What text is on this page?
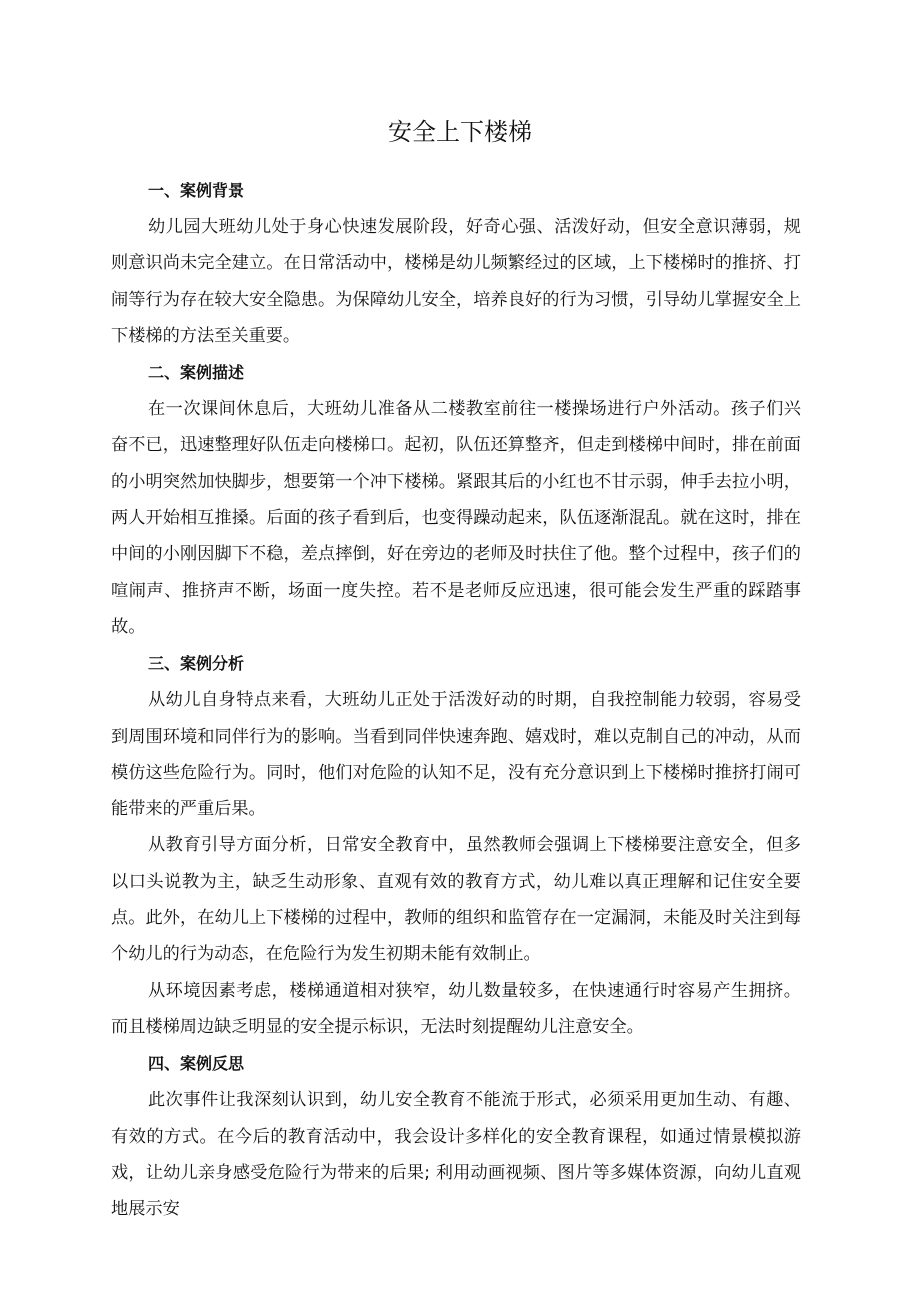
安全上下楼梯
一、案例背景

幼儿园大班幼儿处于身心快速发展阶段，好奇心强、活泼好动，但安全意识薄弱，规则意识尚未完全建立。在日常活动中，楼梯是幼儿频繁经过的区域，上下楼梯时的推挤、打闹等行为存在较大安全隐患。为保障幼儿安全，培养良好的行为习惯，引导幼儿掌握安全上下楼梯的方法至关重要。

二、案例描述

在一次课间休息后，大班幼儿准备从二楼教室前往一楼操场进行户外活动。孩子们兴奋不已，迅速整理好队伍走向楼梯口。起初，队伍还算整齐，但走到楼梯中间时，排在前面的小明突然加快脚步，想要第一个冲下楼梯。紧跟其后的小红也不甘示弱，伸手去拉小明，两人开始相互推搡。后面的孩子看到后，也变得躁动起来，队伍逐渐混乱。就在这时，排在中间的小刚因脚下不稳，差点摔倒，好在旁边的老师及时扶住了他。整个过程中，孩子们的喧闹声、推挤声不断，场面一度失控。若不是老师反应迅速，很可能会发生严重的踩踏事故。

三、案例分析

从幼儿自身特点来看，大班幼儿正处于活泼好动的时期，自我控制能力较弱，容易受到周围环境和同伴行为的影响。当看到同伴快速奔跑、嬉戏时，难以克制自己的冲动，从而模仿这些危险行为。同时，他们对危险的认知不足，没有充分意识到上下楼梯时推挤打闹可能带来的严重后果。

从教育引导方面分析，日常安全教育中，虽然教师会强调上下楼梯要注意安全，但多以口头说教为主，缺乏生动形象、直观有效的教育方式，幼儿难以真正理解和记住安全要点。此外，在幼儿上下楼梯的过程中，教师的组织和监管存在一定漏洞，未能及时关注到每个幼儿的行为动态，在危险行为发生初期未能有效制止。

从环境因素考虑，楼梯通道相对狭窄，幼儿数量较多，在快速通行时容易产生拥挤。而且楼梯周边缺乏明显的安全提示标识，无法时刻提醒幼儿注意安全。

四、案例反思

此次事件让我深刻认识到，幼儿安全教育不能流于形式，必须采用更加生动、有趣、有效的方式。在今后的教育活动中，我会设计多样化的安全教育课程，如通过情景模拟游戏，让幼儿亲身感受危险行为带来的后果; 利用动画视频、图片等多媒体资源，向幼儿直观地展示安
